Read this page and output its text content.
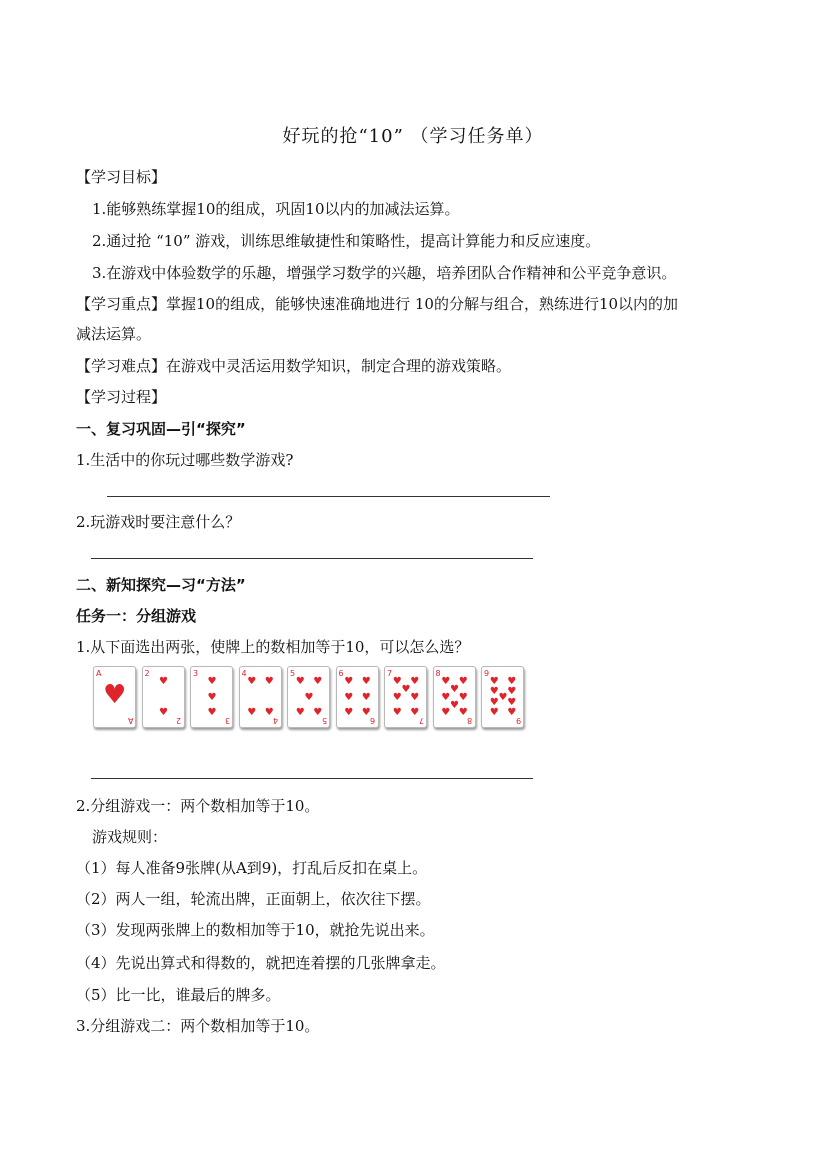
好玩的抢“10” （学习任务单）
【学习目标】
1.能够熟练掌握10的组成，巩固10以内的加减法运算。
2.通过抢 “10” 游戏，训练思维敏捷性和策略性，提高计算能力和反应速度。
3.在游戏中体验数学的乐趣，增强学习数学的兴趣，培养团队合作精神和公平竞争意识。
【学习重点】掌握10的组成，能够快速准确地进行 10的分解与组合，熟练进行10以内的加
减法运算。
【学习难点】在游戏中灵活运用数学知识，制定合理的游戏策略。
【学习过程】
一、复习巩固—引“探究”
1.生活中的你玩过哪些数学游戏?
2.玩游戏时要注意什么？
二、新知探究—习“方法”
任务一：分组游戏
1.从下面选出两张，使牌上的数相加等于10，可以怎么选？
A
A
♥
2
2
♥
♥
3
3
♥
♥
♥
4
4
♥ ♥
♥ ♥
5
5
♥ ♥
♥
♥ ♥
6
6
♥ ♥
♥ ♥
♥ ♥
7
7
♥ ♥
♥
♥ ♥
♥ ♥
8
8
♥ ♥
♥
♥ ♥
♥
♥ ♥
9
9
♥ ♥
♥ ♥
♥
♥ ♥
♥ ♥
2.分组游戏一：两个数相加等于10。
游戏规则：
（1）每人准备9张牌(从A到9)，打乱后反扣在桌上。
（2）两人一组，轮流出牌，正面朝上，依次往下摆。
（3）发现两张牌上的数相加等于10，就抢先说出来。
（4）先说出算式和得数的，就把连着摆的几张牌拿走。
（5）比一比，谁最后的牌多。
3.分组游戏二：两个数相加等于10。
